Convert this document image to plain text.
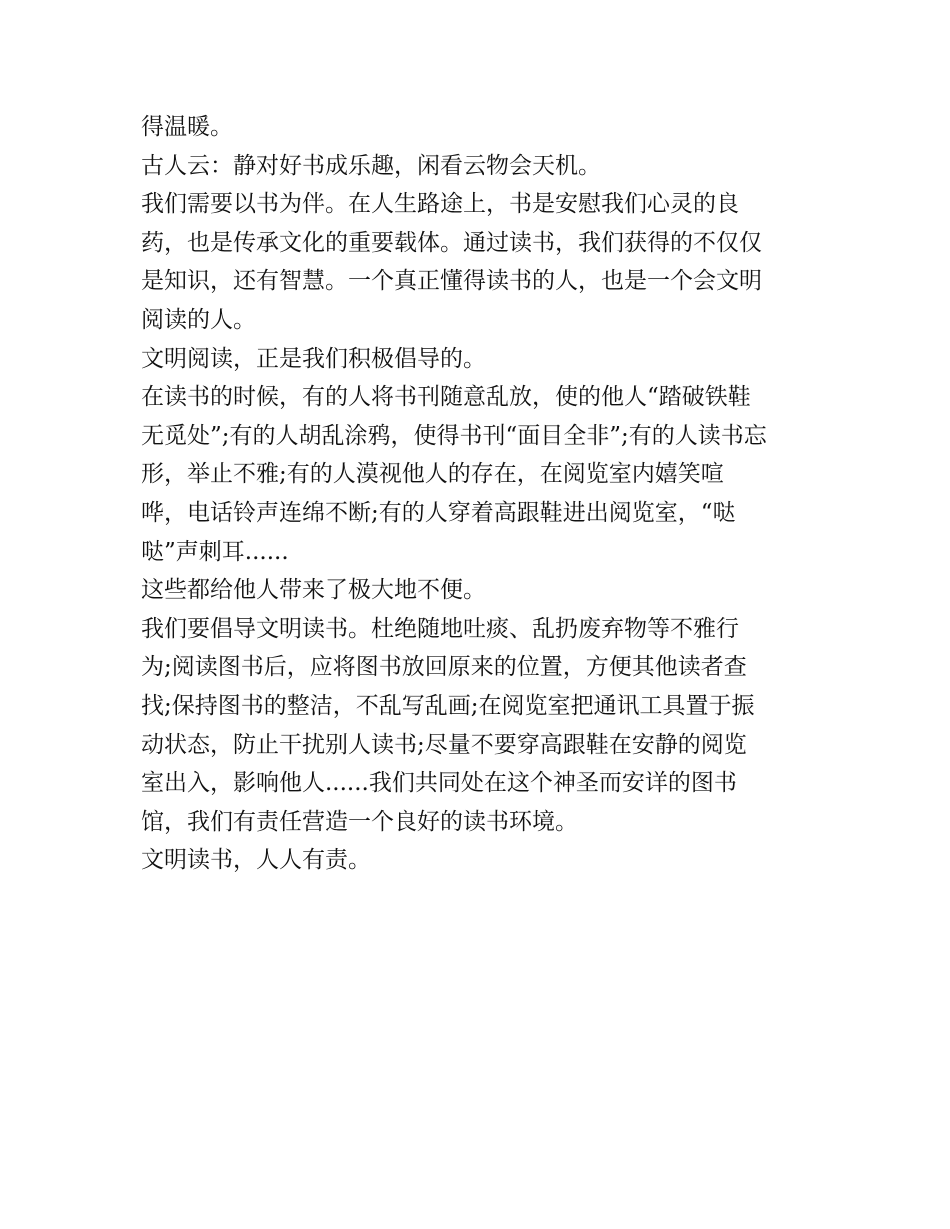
得温暖。

古人云：静对好书成乐趣，闲看云物会天机。

我们需要以书为伴。在人生路途上，书是安慰我们心灵的良
药，也是传承文化的重要载体。通过读书，我们获得的不仅仅
是知识，还有智慧。一个真正懂得读书的人，也是一个会文明
阅读的人。

文明阅读，正是我们积极倡导的。

在读书的时候，有的人将书刊随意乱放，使的他人“踏破铁鞋
无觅处”;有的人胡乱涂鸦，使得书刊“面目全非”;有的人读书忘
形，举止不雅;有的人漠视他人的存在，在阅览室内嬉笑喧
哗，电话铃声连绵不断;有的人穿着高跟鞋进出阅览室，“哒
哒”声刺耳......

这些都给他人带来了极大地不便。

我们要倡导文明读书。杜绝随地吐痰、乱扔废弃物等不雅行
为;阅读图书后，应将图书放回原来的位置，方便其他读者查
找;保持图书的整洁，不乱写乱画;在阅览室把通讯工具置于振
动状态，防止干扰别人读书;尽量不要穿高跟鞋在安静的阅览
室出入，影响他人......我们共同处在这个神圣而安详的图书
馆，我们有责任营造一个良好的读书环境。

文明读书，人人有责。
